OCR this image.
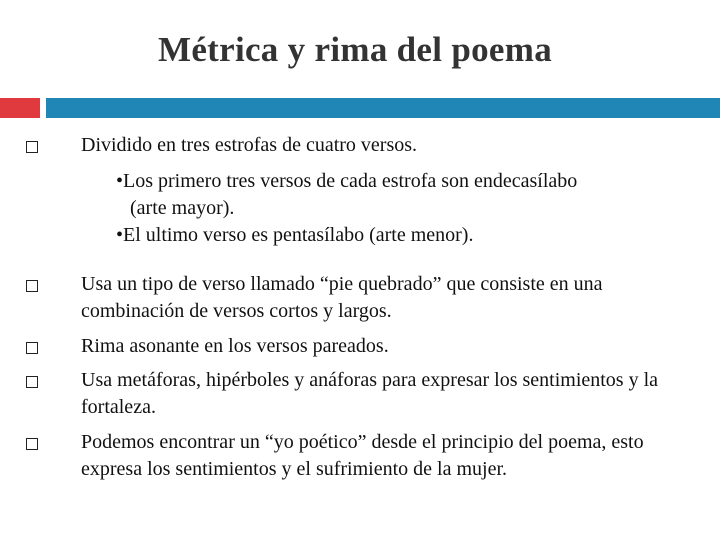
Métrica y rima del poema
Dividido en tres estrofas de cuatro versos.
•Los primero tres versos de cada estrofa son endecasílabo
(arte mayor).
•El ultimo verso es pentasílabo (arte menor).
Usa un tipo de verso llamado “pie quebrado” que consiste en una combinación de versos cortos y largos.
Rima asonante en los versos pareados.
Usa metáforas, hipérboles y anáforas para expresar los sentimientos y la fortaleza.
Podemos encontrar un “yo poético” desde el principio del poema, esto expresa los sentimientos y el sufrimiento de la mujer.
